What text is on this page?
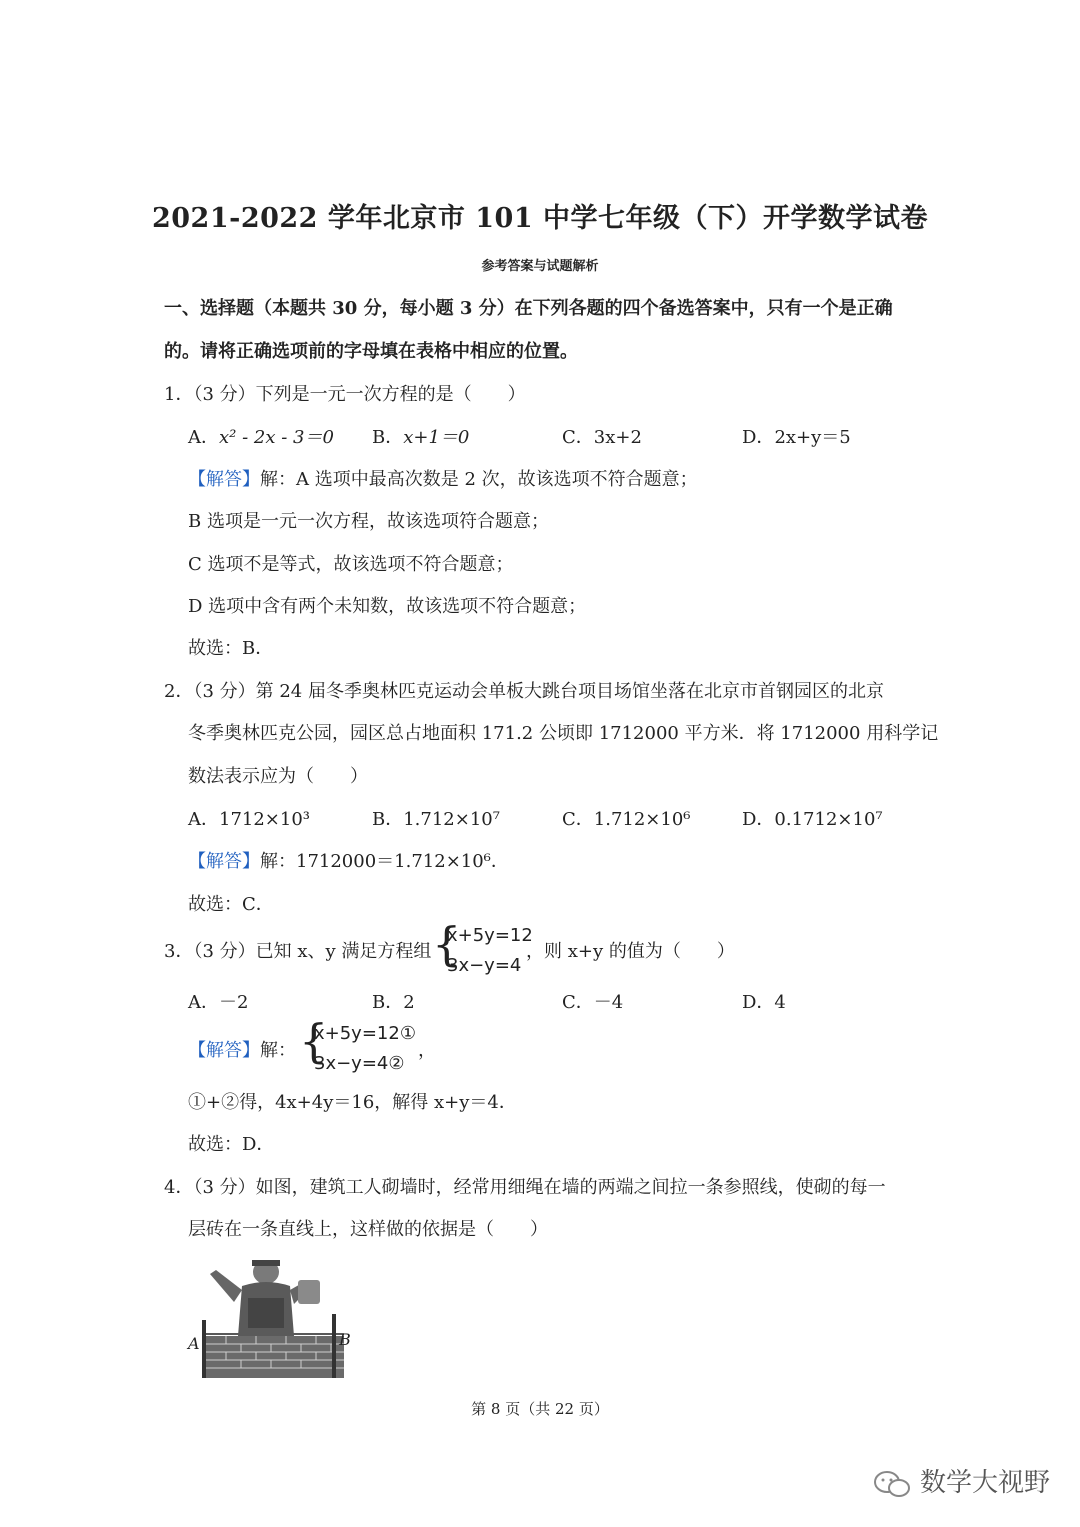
2021-2022 学年北京市 101 中学七年级（下）开学数学试卷
参考答案与试题解析
一、选择题（本题共 30 分，每小题 3 分）在下列各题的四个备选答案中，只有一个是正确
的。请将正确选项前的字母填在表格中相应的位置。
1．（3 分）下列是一元一次方程的是（　　）
A．x² - 2x - 3＝0 B．x+1＝0	C．3x+2	D．2x+y＝5
【解答】解：A 选项中最高次数是 2 次，故该选项不符合题意；
B 选项是一元一次方程，故该选项符合题意；
C 选项不是等式，故该选项不符合题意；
D 选项中含有两个未知数，故该选项不符合题意；
故选：B．
2．（3 分）第 24 届冬季奥林匹克运动会单板大跳台项目场馆坐落在北京市首钢园区的北京
冬季奥林匹克公园，园区总占地面积 171.2 公顷即 1712000 平方米．将 1712000 用科学记
数法表示应为（　　）
A．1712×10³	B．1.712×10⁷	C．1.712×10⁶	D．0.1712×10⁷
【解答】解：1712000＝1.712×10⁶．
故选：C．
3．（3 分）已知 x、y 满足方程组 {
x+5y=12
3x−y=4
，则 x+y 的值为（　　）
A．－2	B．2	C．－4	D．4
【解答】解： {
x+5y=12①
3x−y=4②
，
①+②得，4x+4y＝16，解得 x+y＝4．
故选：D．
4．（3 分）如图，建筑工人砌墙时，经常用细绳在墙的两端之间拉一条参照线，使砌的每一
层砖在一条直线上，这样做的依据是（　　）
A	B
第 8 页（共 22 页）
数学大视野
